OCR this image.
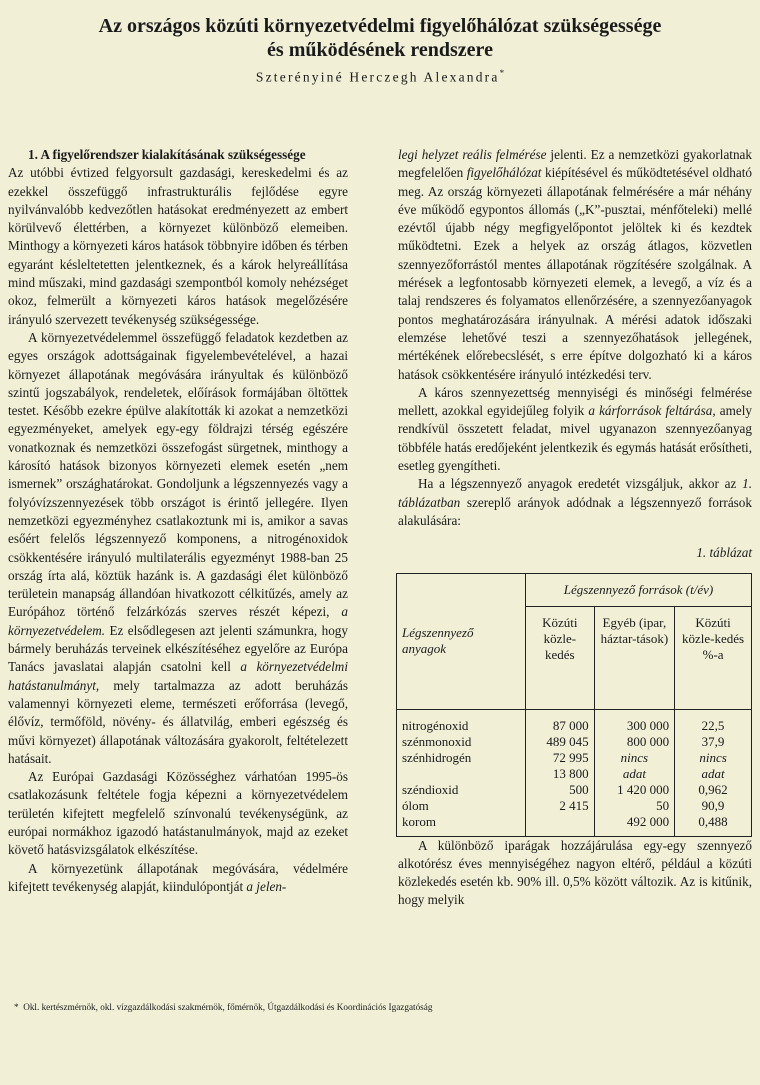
Az országos közúti környezetvédelmi figyelőhálózat szükségessége
és működésének rendszere
Szterényiné Herczegh Alexandra*

1. A figyelőrendszer kialakításának szükségessége

Az utóbbi évtized felgyorsult gazdasági, kereskedelmi és az ezekkel összefüggő infrastrukturális fejlődése egyre nyilvánvalóbb kedvezőtlen hatásokat eredményezett az embert körülvevő élettérben, a környezet különböző elemeiben. Minthogy a környezeti káros hatások többnyire időben és térben egyaránt késleltetetten jelentkeznek, és a károk helyreállítása mind műszaki, mind gazdasági szempontból komoly nehézséget okoz, felmerült a környezeti káros hatások megelőzésére irányuló szervezett tevékenység szükségessége.

A környezetvédelemmel összefüggő feladatok kezdetben az egyes országok adottságainak figyelembevételével, a hazai környezet állapotának megóvására irányultak és különböző szintű jogszabályok, rendeletek, előírások formájában öltöttek testet. Később ezekre épülve alakították ki azokat a nemzetközi egyezményeket, amelyek egy-egy földrajzi térség egészére vonatkoznak és nemzetközi összefogást sürgetnek, minthogy a károsító hatások bizonyos környezeti elemek esetén „nem ismernek” országhatárokat. Gondoljunk a légszennyezés vagy a folyóvízszennyezések több országot is érintő jellegére. Ilyen nemzetközi egyezményhez csatlakoztunk mi is, amikor a savas esőért felelős légszennyező komponens, a nitrogénoxidok csökkentésére irányuló multilaterális egyezményt 1988-ban 25 ország írta alá, köztük hazánk is. A gazdasági élet különböző területein manapság állandóan hivatkozott célkitűzés, amely az Európához történő felzárkózás szerves részét képezi, a környezetvédelem. Ez elsődlegesen azt jelenti számunkra, hogy bármely beruházás terveinek elkészítéséhez egyelőre az Európa Tanács javaslatai alapján csatolni kell a környezetvédelmi hatástanulmányt, mely tartalmazza az adott beruházás valamennyi környezeti eleme, természeti erőforrása (levegő, élővíz, termőföld, növény- és állatvilág, emberi egészség és művi környezet) állapotának változására gyakorolt, feltételezett hatásait.

Az Európai Gazdasági Közösséghez várhatóan 1995-ös csatlakozásunk feltétele fogja képezni a környezetvédelem területén kifejtett megfelelő színvonalú tevékenységünk, az európai normákhoz igazodó hatástanulmányok, majd az ezeket követő hatásvizsgálatok elkészítése.

A környezetünk állapotának megóvására, védelmére kifejtett tevékenység alapját, kiindulópontját a jelen-

legi helyzet reális felmérése jelenti. Ez a nemzetközi gyakorlatnak megfelelően figyelőhálózat kiépítésével és működtetésével oldható meg. Az ország környezeti állapotának felmérésére a már néhány éve működő egypontos állomás („K”-pusztai, ménfőteleki) mellé ezévtől újabb négy megfigyelőpontot jelöltek ki és kezdtek működtetni. Ezek a helyek az ország átlagos, közvetlen szennyezőforrástól mentes állapotának rögzítésére szolgálnak. A mérések a legfontosabb környezeti elemek, a levegő, a víz és a talaj rendszeres és folyamatos ellenőrzésére, a szennyezőanyagok pontos meghatározására irányulnak. A mérési adatok időszaki elemzése lehetővé teszi a szennyezőhatások jellegének, mértékének előrebecslését, s erre építve dolgozható ki a káros hatások csökkentésére irányuló intézkedési terv.

A káros szennyezettség mennyiségi és minőségi felmérése mellett, azokkal egyidejűleg folyik a kárforrások feltárása, amely rendkívül összetett feladat, mivel ugyanazon szennyezőanyag többféle hatás eredőjeként jelentkezik és egymás hatását erősítheti, esetleg gyengítheti.

Ha a légszennyező anyagok eredetét vizsgáljuk, akkor az 1. táblázatban szereplő arányok adódnak a légszennyező források alakulására:

1. táblázat
Légszennyező anyagok	Légszennyező források (t/év)		
	Közúti közle-kedés	Egyéb (ipar, háztar-tások)	Közúti közle-kedés %-a
nitrogénoxid	87 000	300 000	22,5
szénmonoxid	489 045	800 000	37,9
szénhidrogén	72 995	nincs	nincs
	13 800	adat	adat
széndioxid	500	1 420 000	0,962
ólom	2 415	50	90,9
korom		492 000	0,488

A különböző iparágak hozzájárulása egy-egy szennyező alkotórész éves mennyiségéhez nagyon eltérő, például a közúti közlekedés esetén kb. 90% ill. 0,5% között változik. Az is kitűnik, hogy melyik

* Okl. kertészmérnök, okl. vízgazdálkodási szakmérnök, főmérnök, Útgazdálkodási és Koordinációs Igazgatóság
